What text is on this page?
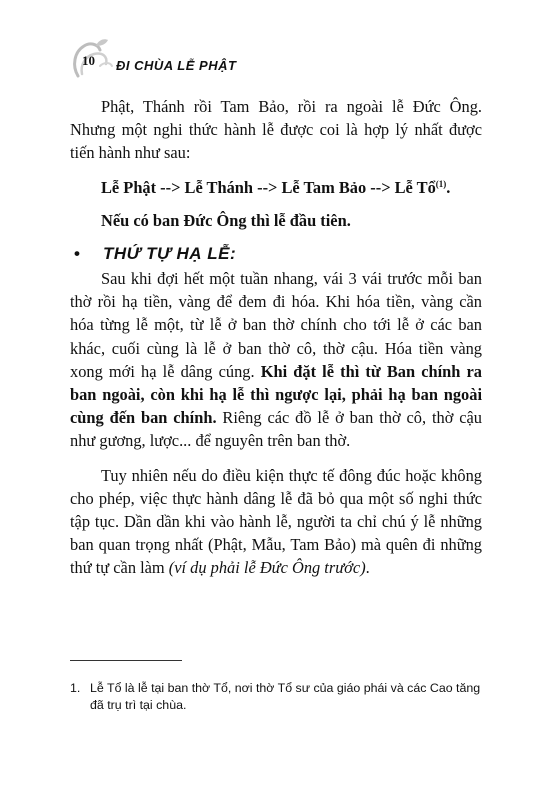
10 ĐI CHÙA LỄ PHẬT

Phật, Thánh rồi Tam Bảo, rồi ra ngoài lễ Đức Ông. Nhưng một nghi thức hành lễ được coi là hợp lý nhất được tiến hành như sau:

Lễ Phật --> Lễ Thánh --> Lễ Tam Bảo --> Lễ Tổ$^{(1)}$.

Nếu có ban Đức Ông thì lễ đầu tiên.

• THỨ TỰ HẠ LỄ:

Sau khi đợi hết một tuần nhang, vái 3 vái trước mỗi ban thờ rồi hạ tiền, vàng để đem đi hóa. Khi hóa tiền, vàng cần hóa từng lễ một, từ lễ ở ban thờ chính cho tới lễ ở các ban khác, cuối cùng là lễ ở ban thờ cô, thờ cậu. Hóa tiền vàng xong mới hạ lễ dâng cúng. Khi đặt lễ thì từ Ban chính ra ban ngoài, còn khi hạ lễ thì ngược lại, phải hạ ban ngoài cùng đến ban chính. Riêng các đồ lễ ở ban thờ cô, thờ cậu như gương, lược... để nguyên trên ban thờ.

Tuy nhiên nếu do điều kiện thực tế đông đúc hoặc không cho phép, việc thực hành dâng lễ đã bỏ qua một số nghi thức tập tục. Dần dần khi vào hành lễ, người ta chỉ chú ý lễ những ban quan trọng nhất (Phật, Mẫu, Tam Bảo) mà quên đi những thứ tự cần làm (ví dụ phải lễ Đức Ông trước).

1. Lễ Tổ là lễ tại ban thờ Tổ, nơi thờ Tổ sư của giáo phái và các Cao tăng đã trụ trì tại chùa.
